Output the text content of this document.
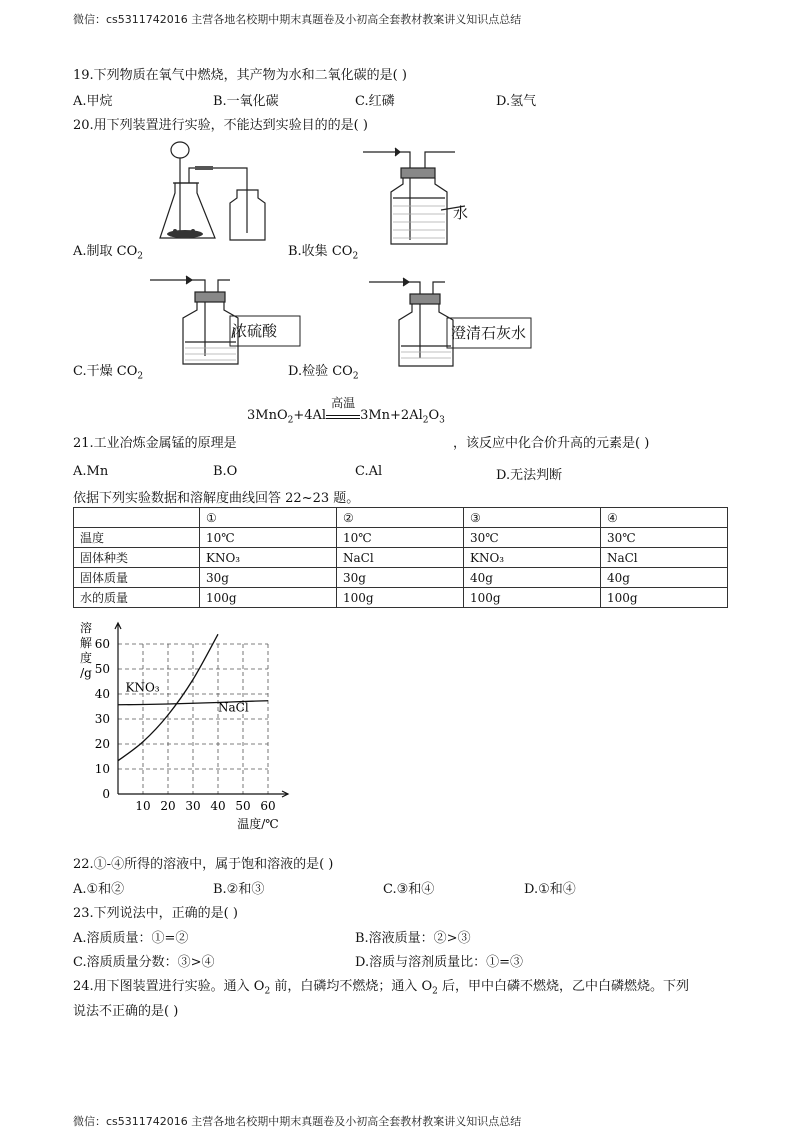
微信：cs5311742016 主营各地名校期中期末真题卷及小初高全套教材教案讲义知识点总结
微信：cs5311742016 主营各地名校期中期末真题卷及小初高全套教材教案讲义知识点总结
19.下列物质在氧气中燃烧，其产物为水和二氧化碳的是( )
A.甲烷	B.一氧化碳	C.红磷	D.氢气
20.用下列装置进行实验，不能达到实验目的的是( )
A.制取 $CO_2$
水
B.收集 $CO_2$
浓硫酸
C.干燥 $CO_2$
澄清石灰水
D.检验 $CO_2$
3MnO$_2$+4Al
高温
$3Mn+2Al_2O_3$
21.工业冶炼金属锰的原理是	，该反应中化合价升高的元素是( )
A.Mn	B.O	C.Al	D.无法判断
依据下列实验数据和溶解度曲线回答 22~23 题。
	①	②	③	④
温度	10℃	10℃	30℃	30℃
固体种类	KNO₃	NaCl	KNO₃	NaCl
固体质量	30g	30g	40g	40g
水的质量	100g	100g	100g	100g
10 20 30 40 50 60
0
10
20
30
40
50
60
KNO₃
NaCl
溶
解
度
/g
温度/℃
22.①-④所得的溶液中，属于饱和溶液的是( )
A.①和②	B.②和③	C.③和④	D.①和④
23.下列说法中，正确的是( )
A.溶质质量：①=②	B.溶液质量：②>③
C.溶质质量分数：③>④	D.溶质与溶剂质量比：①=③
24.用下图装置进行实验。通入 $O_2$ 前，白磷均不燃烧；通入 $O_2$ 后，甲中白磷不燃烧，乙中白磷燃烧。下列
说法不正确的是( )
